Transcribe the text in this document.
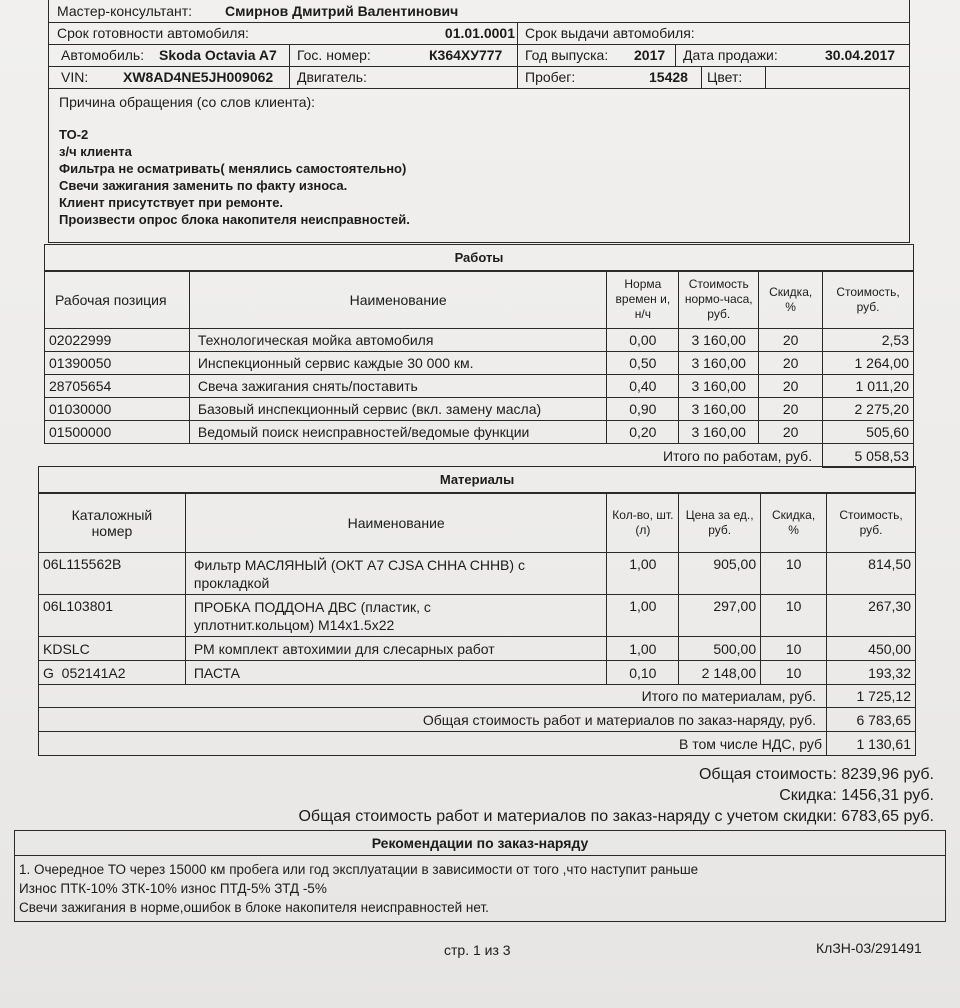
Мастер-консультант: Смирнов Дмитрий Валентинович
Срок готовности автомобиля:	01.01.0001 Срок выдачи автомобиля:
Автомобиль: Skoda Octavia A7 Гос. номер:	К364ХУ777 Год выпуска: 2017 Дата продажи:	30.04.2017
VIN: XW8AD4NE5JH009062 Двигатель:	Пробег:	15428 Цвет:
Причина обращения (со слов клиента):
ТО-2
з/ч клиента
Фильтра не осматривать( менялись самостоятельно)
Свечи зажигания заменить по факту износа.
Клиент присутствует при ремонте.
Произвести опрос блока накопителя неисправностей.
Работы
Рабочая позиция	Наименование	Норма времен и, н/ч	Стоимость нормо-часа, руб.	Скидка, %	Стоимость, руб.
02022999	Технологическая мойка автомобиля	0,00	3 160,00	20	2,53
01390050	Инспекционный сервис каждые 30 000 км.	0,50	3 160,00	20	1 264,00
28705654	Свеча зажигания снять/поставить	0,40	3 160,00	20	1 011,20
01030000	Базовый инспекционный сервис (вкл. замену масла)	0,90	3 160,00	20	2 275,20
01500000	Ведомый поиск неисправностей/ведомые функции	0,20	3 160,00	20	505,60
Итого по работам, руб.					5 058,53
Материалы
Каталожный номер	Наименование	Кол-во, шт. (л)	Цена за ед., руб.	Скидка, %	Стоимость, руб.
06L115562B	Фильтр МАСЛЯНЫЙ (ОКТ А7 CJSA CHHA CHHB) с
прокладкой	1,00	905,00	10	814,50
06L103801	ПРОБКА ПОДДОНА ДВС (пластик, с
уплотнит.кольцом) M14x1.5x22	1,00	297,00	10	267,30
KDSLC	РМ комплект автохимии для слесарных работ	1,00	500,00	10	450,00
G  052141A2	ПАСТА	0,10	2 148,00	10	193,32
Итого по материалам, руб.					1 725,12
Общая стоимость работ и материалов по заказ-наряду, руб.					6 783,65
В том числе НДС, руб					1 130,61
Общая стоимость: 8239,96 руб.
Скидка: 1456,31 руб.
Общая стоимость работ и материалов по заказ-наряду с учетом скидки: 6783,65 руб.
Рекомендации по заказ-наряду
1. Очередное ТО через 15000 км пробега или год эксплуатации в зависимости от того ,что наступит раньше
Износ ПТК-10% ЗТК-10% износ ПТД-5% ЗТД -5%
Свечи зажигания в норме,ошибок в блоке накопителя неисправностей нет.
стр. 1 из 3	КлЗН-03/291491
